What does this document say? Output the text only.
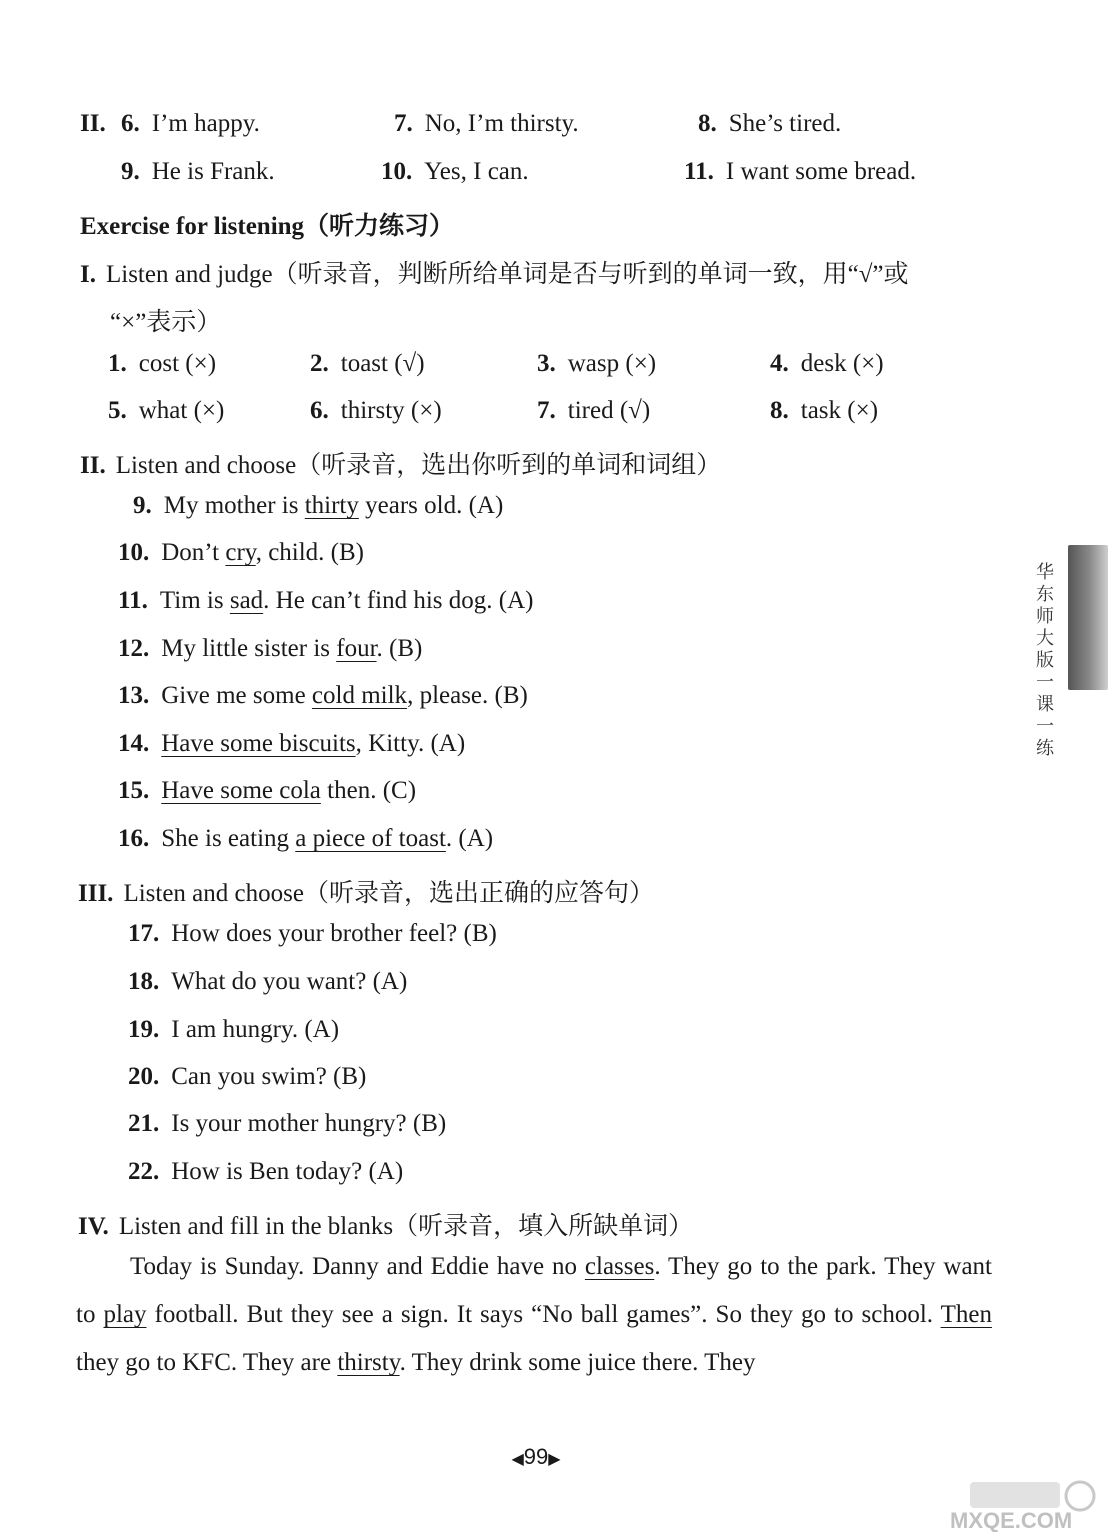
II. 6. I’m happy.	7. No, I’m thirsty.	8. She’s tired.
9. He is Frank.	10. Yes, I can.	11. I want some bread.
Exercise for listening（听力练习）
I. Listen and judge（听录音，判断所给单词是否与听到的单词一致，用“√”或
“×”表示）
1. cost (×)	2. toast (√)	3. wasp (×)	4. desk (×)
5. what (×)	6. thirsty (×)	7. tired (√)	8. task (×)
II. Listen and choose（听录音，选出你听到的单词和词组）
9. My mother is thirty years old. (A)
10. Don’t cry, child. (B)
11. Tim is sad. He can’t find his dog. (A)
12. My little sister is four. (B)
13. Give me some cold milk, please. (B)
14. Have some biscuits, Kitty. (A)
15. Have some cola then. (C)
16. She is eating a piece of toast. (A)
III. Listen and choose（听录音，选出正确的应答句）
17. How does your brother feel? (B)
18. What do you want? (A)
19. I am hungry. (A)
20. Can you swim? (B)
21. Is your mother hungry? (B)
22. How is Ben today? (A)
IV. Listen and fill in the blanks（听录音，填入所缺单词）
Today is Sunday. Danny and Eddie have no classes. They go to the park. They want to play football. But they see a sign. It says “No ball games”. So they go to school. Then they go to KFC. They are thirsty. They drink some juice there. They
华东师大版一课一练
◀99▶
MXQE.COM
